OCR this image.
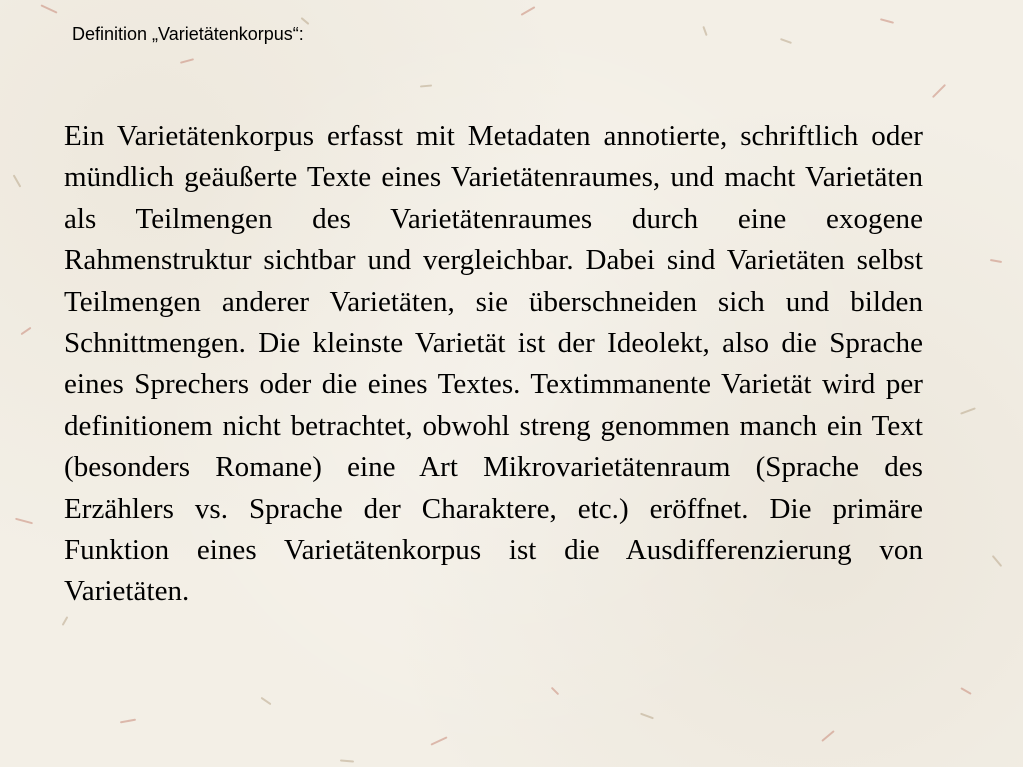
Definition „Varietätenkorpus“:

Ein Varietätenkorpus erfasst mit Metadaten annotierte, schriftlich oder mündlich geäußerte Texte eines Varietätenraumes, und macht Varietäten als Teilmengen des Varietätenraumes durch eine exogene Rahmenstruktur sichtbar und vergleichbar. Dabei sind Varietäten selbst Teilmengen anderer Varietäten, sie überschneiden sich und bilden Schnittmengen. Die kleinste Varietät ist der Ideolekt, also die Sprache eines Sprechers oder die eines Textes. Textimmanente Varietät wird per definitionem nicht betrachtet, obwohl streng genommen manch ein Text (besonders Romane) eine Art Mikrovarietätenraum (Sprache des Erzählers vs. Sprache der Charaktere, etc.) eröffnet. Die primäre Funktion eines Varietätenkorpus ist die Ausdifferenzierung von Varietäten.
